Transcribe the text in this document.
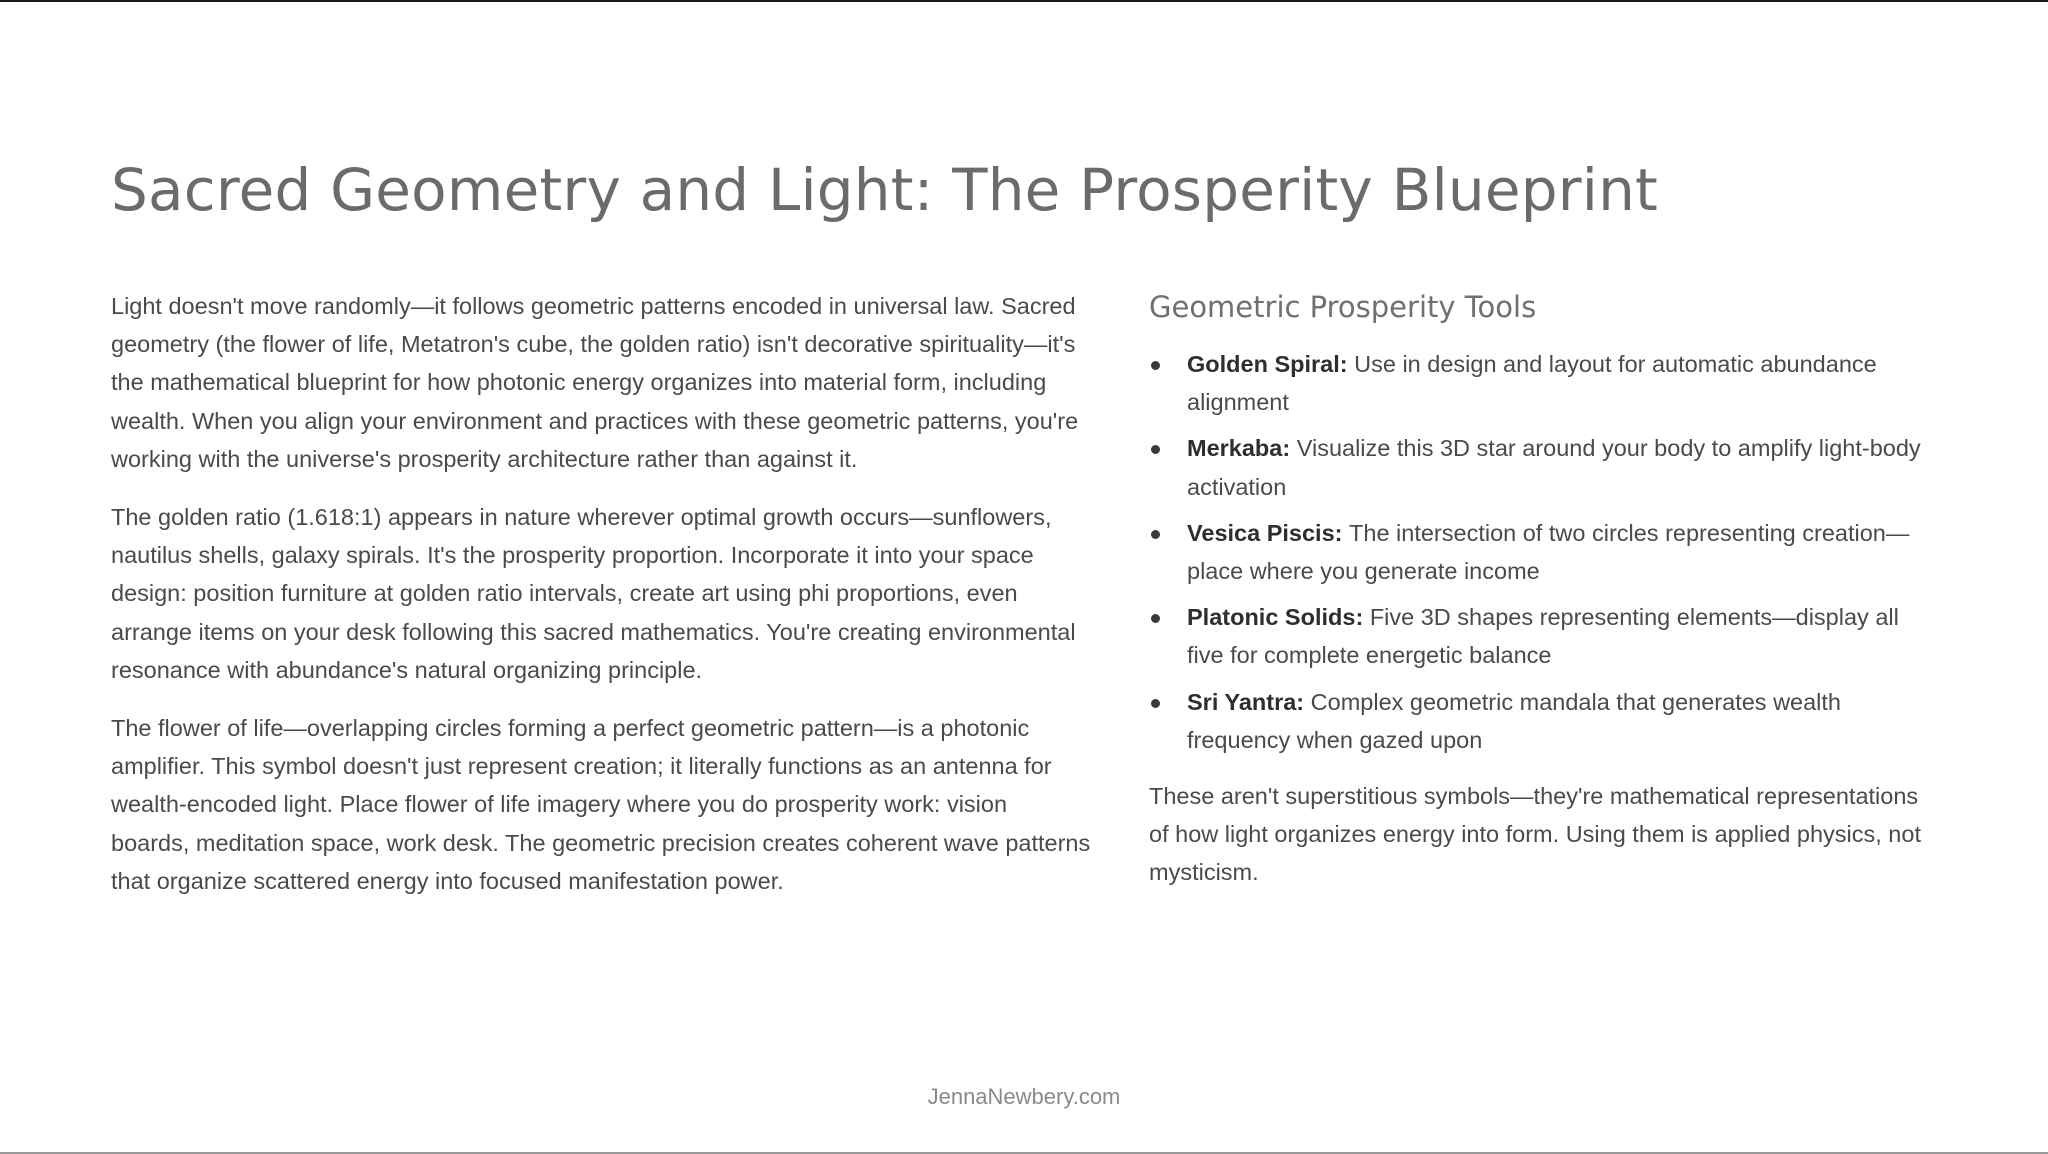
Sacred Geometry and Light: The Prosperity Blueprint

Light doesn't move randomly—it follows geometric patterns encoded in universal law. Sacred geometry (the flower of life, Metatron's cube, the golden ratio) isn't decorative spirituality—it's the mathematical blueprint for how photonic energy organizes into material form, including wealth. When you align your environment and practices with these geometric patterns, you're working with the universe's prosperity architecture rather than against it.

The golden ratio (1.618:1) appears in nature wherever optimal growth occurs—sunflowers, nautilus shells, galaxy spirals. It's the prosperity proportion. Incorporate it into your space design: position furniture at golden ratio intervals, create art using phi proportions, even arrange items on your desk following this sacred mathematics. You're creating environmental resonance with abundance's natural organizing principle.

The flower of life—overlapping circles forming a perfect geometric pattern—is a photonic amplifier. This symbol doesn't just represent creation; it literally functions as an antenna for wealth-encoded light. Place flower of life imagery where you do prosperity work: vision boards, meditation space, work desk. The geometric precision creates coherent wave patterns that organize scattered energy into focused manifestation power.

Geometric Prosperity Tools
Golden Spiral: Use in design and layout for automatic abundance alignment
Merkaba: Visualize this 3D star around your body to amplify light-body activation
Vesica Piscis: The intersection of two circles representing creation—place where you generate income
Platonic Solids: Five 3D shapes representing elements—display all five for complete energetic balance
Sri Yantra: Complex geometric mandala that generates wealth frequency when gazed upon

These aren't superstitious symbols—they're mathematical representations of how light organizes energy into form. Using them is applied physics, not mysticism.

JennaNewbery.com
